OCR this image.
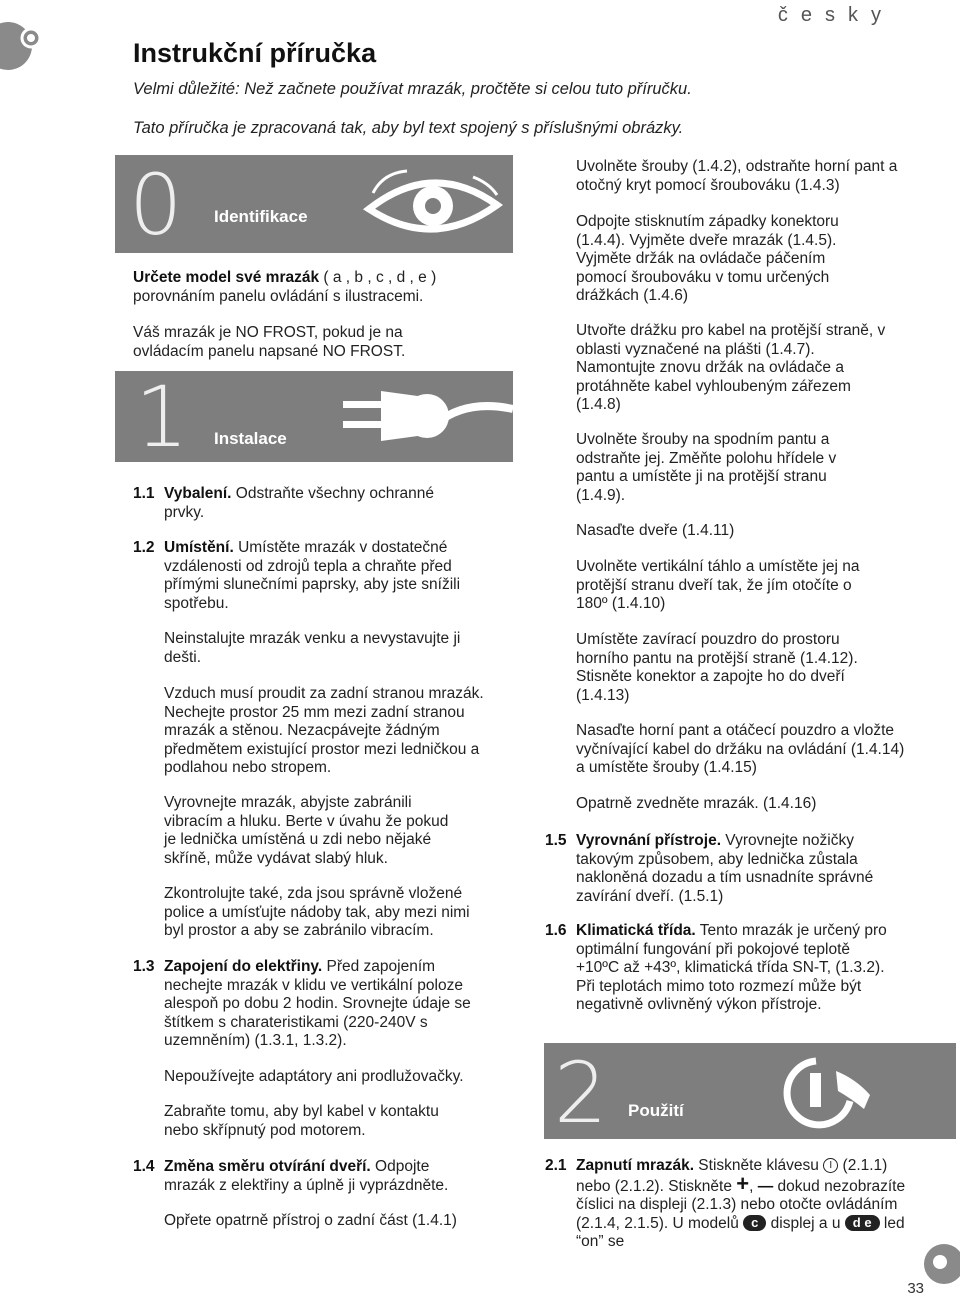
česky
Instrukční příručka
Velmi důležité: Než začnete používat mrazák, pročtěte si celou tuto příručku.
Tato příručka je zpracovaná tak, aby byl text spojený s příslušnými obrázky.
0 Identifikace

Určete model své mrazák ( a , b , c , d , e ) porovnáním panelu ovládání s ilustracemi.

Váš mrazák je NO FROST, pokud je na ovládacím panelu napsané NO FROST.
1 Instalace

1.1 Vybalení. Odstraňte všechny ochranné prvky.

1.2 Umístění. Umístěte mrazák v dostatečné vzdálenosti od zdrojů tepla a chraňte před přímými slunečními paprsky, aby jste snížili spotřebu.

Neinstalujte mrazák venku a nevystavujte ji dešti.
Vzduch musí proudit za zadní stranou mrazák. Nechejte prostor 25 mm mezi zadní stranou mrazák a stěnou. Nezacpávejte žádným předmětem existující prostor mezi ledničkou a podlahou nebo stropem.
Vyrovnejte mrazák, abyjste zabránili vibracím a hluku. Berte v úvahu že pokud je lednička umístěná u zdi nebo nějaké skříně, může vydávat slabý hluk.
Zkontrolujte také, zda jsou správně vložené police a umísťujte nádoby tak, aby mezi nimi byl prostor a aby se zabránilo vibracím.

1.3 Zapojení do elektřiny. Před zapojením nechejte mrazák v klidu ve vertikální poloze alespoň po dobu 2 hodin. Srovnejte údaje se štítkem s charateristikami (220-240V s uzemněním) (1.3.1, 1.3.2).

Nepoužívejte adaptátory ani prodlužovačky.
Zabraňte tomu, aby byl kabel v kontaktu nebo skřípnutý pod motorem.

1.4 Změna směru otvírání dveří. Odpojte mrazák z elektřiny a úplně ji vyprázdněte.

Opřete opatrně přístroj o zadní část (1.4.1)
Uvolněte šrouby (1.4.2), odstraňte horní pant a otočný kryt pomocí šroubováku (1.4.3)
Odpojte stisknutím západky konektoru (1.4.4). Vyjměte dveře mrazák (1.4.5). Vyjměte držák na ovládače páčením pomocí šroubováku v tomu určených drážkách (1.4.6)
Utvořte drážku pro kabel na protější straně, v oblasti vyznačené na plášti (1.4.7). Namontujte znovu držák na ovládače a protáhněte kabel vyhloubeným zářezem (1.4.8)
Uvolněte šrouby na spodním pantu a odstraňte jej. Změňte polohu hřídele v pantu a umístěte ji na protější stranu (1.4.9).
Nasaďte dveře (1.4.11)
Uvolněte vertikální táhlo a umístěte jej na protější stranu dveří tak, že jím otočíte o 180º (1.4.10)
Umístěte zavírací pouzdro do prostoru horního pantu na protější straně (1.4.12). Stisněte konektor a zapojte ho do dveří (1.4.13)
Nasaďte horní pant a otáčecí pouzdro a vložte vyčnívající kabel do držáku na ovládání (1.4.14) a umístěte šrouby (1.4.15)
Opatrně zvedněte mrazák. (1.4.16)

1.5 Vyrovnání přístroje. Vyrovnejte nožičky takovým způsobem, aby lednička zůstala nakloněná dozadu a tím usnadníte správné zavírání dveří. (1.5.1)

1.6 Klimatická třída. Tento mrazák je určený pro optimální fungování při pokojové teplotě +10ºC až +43º, klimatická třída SN-T, (1.3.2). Při teplotách mimo toto rozmezí může být negativně ovlivněný výkon přístroje.

2 Použití

2.1 Zapnutí mrazák. Stiskněte klávesu I (2.1.1) nebo (2.1.2). Stiskněte +, — dokud nezobrazíte číslici na displeji (2.1.3) nebo otočte ovládáním (2.1.4, 2.1.5). U modelů c displej a u d e led “on” se

33
